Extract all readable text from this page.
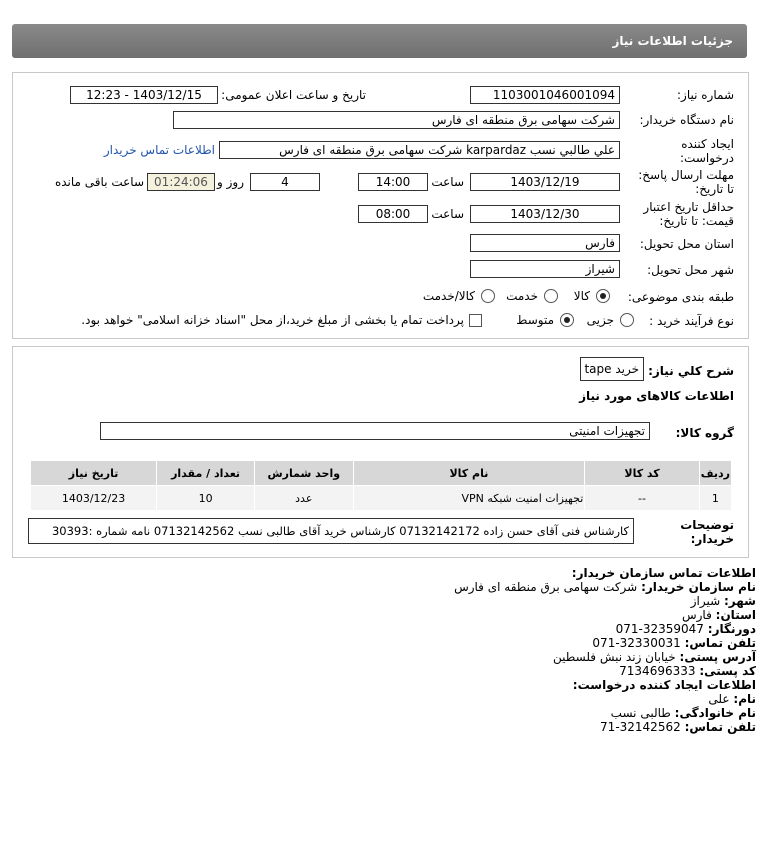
جزئیات اطلاعات نیاز
شماره نیاز:
1103001046001094
تاریخ و ساعت اعلان عمومی:
1403/12/15 - 12:23
نام دستگاه خریدار:
شرکت سهامی برق منطقه ای فارس
ایجاد کننده
درخواست:
علي طالبي نسب karpardaz شرکت سهامی برق منطقه ای فارس
اطلاعات تماس خریدار
مهلت ارسال پاسخ:
تا تاریخ:
1403/12/19
ساعت
14:00
4
روز و
01:24:06
ساعت باقی مانده
حداقل تاریخ اعتبار
قیمت: تا تاریخ:
1403/12/30
ساعت
08:00
استان محل تحویل:
فارس
شهر محل تحویل:
شیراز
طبقه بندی موضوعی:
کالا
خدمت
کالا/خدمت
نوع فرآیند خرید :
جزیی
متوسط
پرداخت تمام یا بخشی از مبلغ خرید،از محل "اسناد خزانه اسلامی" خواهد بود.
شرح کلي نياز:
خرید tape
اطلاعات کالاهای مورد نیاز
گروه کالا:
تجهیزات امنیتی
ردیف	کد کالا	نام کالا	واحد شمارش	تعداد / مقدار	تاریخ نیاز
1	--	تجهیزات امنیت شبکه VPN	عدد	10	1403/12/23
توضیحات
خریدار:
کارشناس فنی آقای حسن زاده 07132142172 کارشناس خرید آقای طالبی نسب 07132142562 نامه شماره :30393
اطلاعات تماس سازمان خریدار:
نام سازمان خریدار: شرکت سهامی برق منطقه ای فارس
شهر: شیراز
استان: فارس
دورنگار: 071-32359047
تلفن تماس: 071-32330031
آدرس پستی: خیابان زند نبش فلسطین
کد پستی: 7134696333
اطلاعات ایجاد کننده درخواست:
نام: علی
نام خانوادگی: طالبی نسب
تلفن تماس: 71-32142562
